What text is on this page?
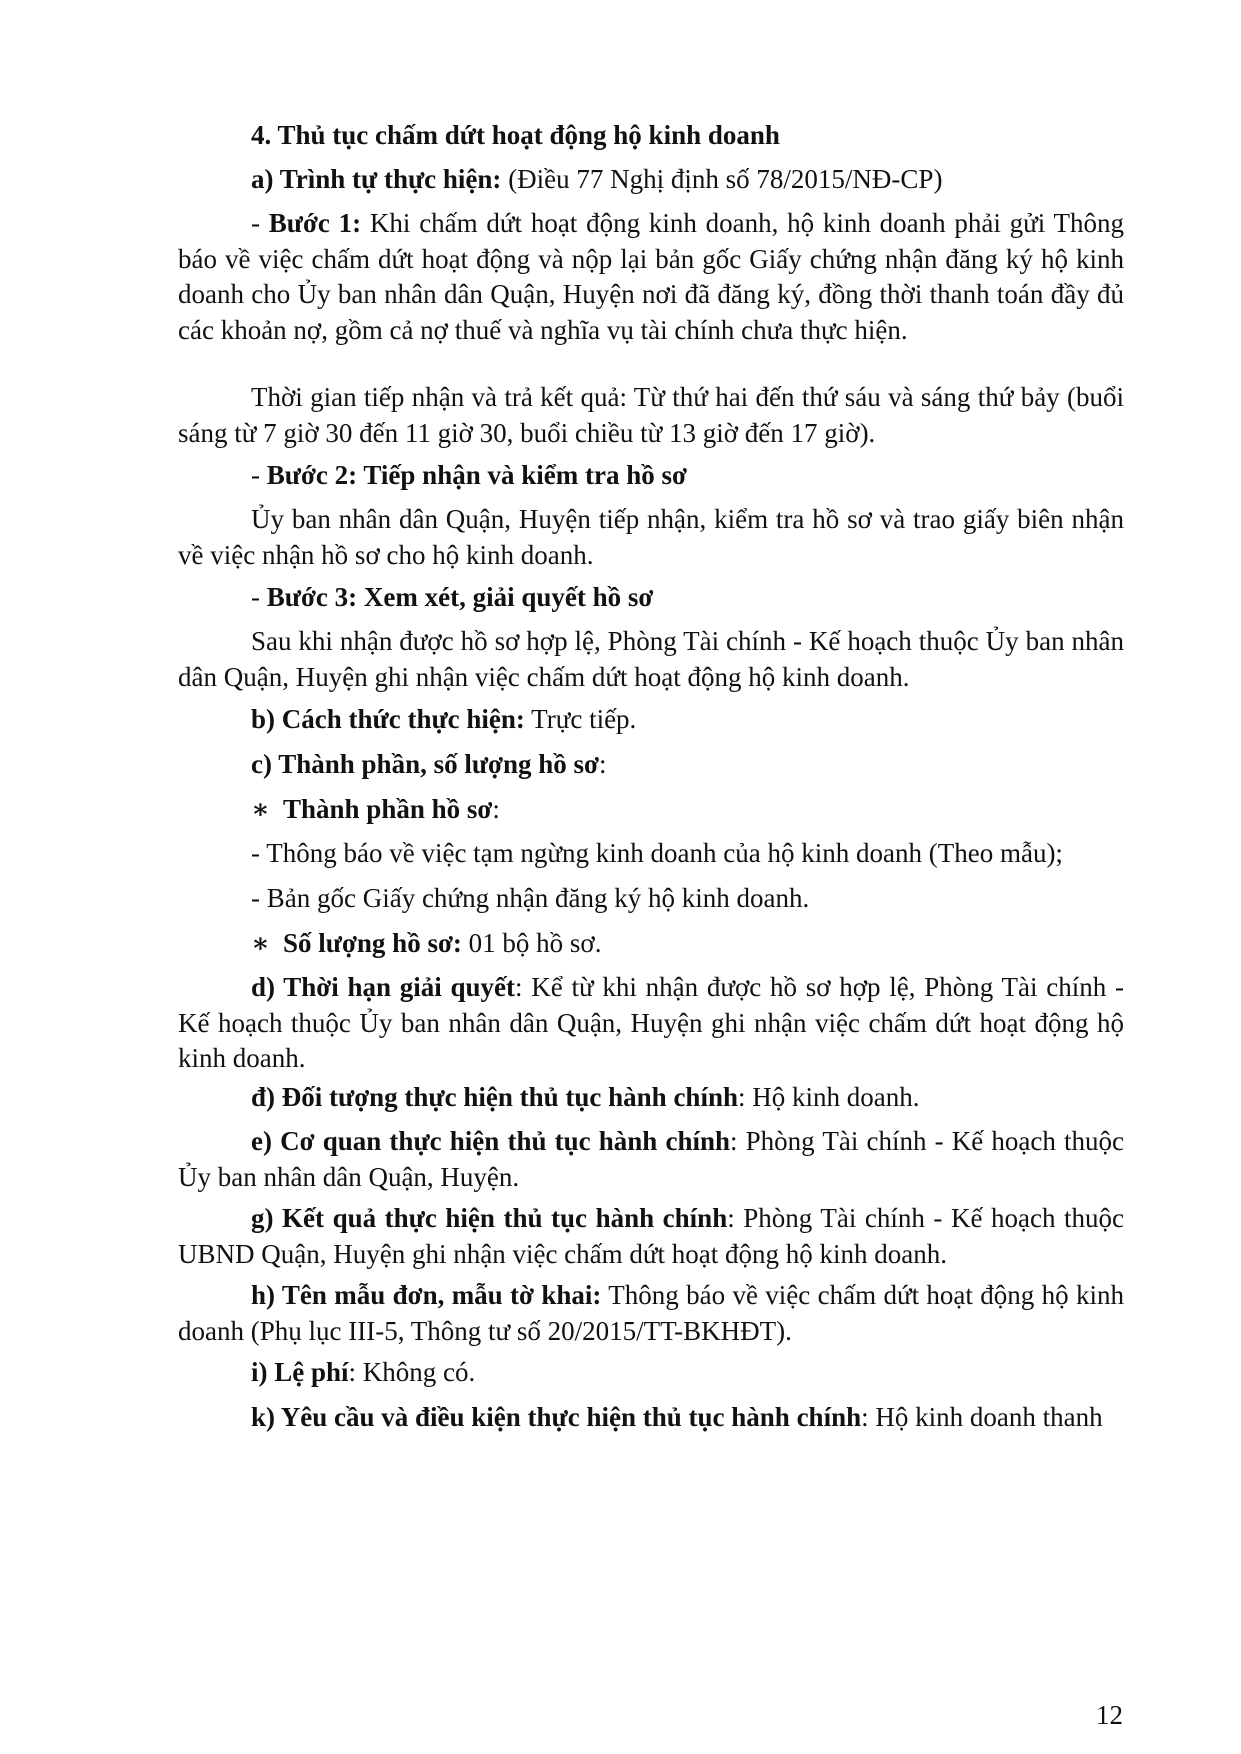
4. Thủ tục chấm dứt hoạt động hộ kinh doanh

a) Trình tự thực hiện: (Điều 77 Nghị định số 78/2015/NĐ-CP)

- Bước 1: Khi chấm dứt hoạt động kinh doanh, hộ kinh doanh phải gửi Thông báo về việc chấm dứt hoạt động và nộp lại bản gốc Giấy chứng nhận đăng ký hộ kinh doanh cho Ủy ban nhân dân Quận, Huyện nơi đã đăng ký, đồng thời thanh toán đầy đủ các khoản nợ, gồm cả nợ thuế và nghĩa vụ tài chính chưa thực hiện.

Thời gian tiếp nhận và trả kết quả: Từ thứ hai đến thứ sáu và sáng thứ bảy (buổi sáng từ 7 giờ 30 đến 11 giờ 30, buổi chiều từ 13 giờ đến 17 giờ).

- Bước 2: Tiếp nhận và kiểm tra hồ sơ

Ủy ban nhân dân Quận, Huyện tiếp nhận, kiểm tra hồ sơ và trao giấy biên nhận về việc nhận hồ sơ cho hộ kinh doanh.

- Bước 3: Xem xét, giải quyết hồ sơ

Sau khi nhận được hồ sơ hợp lệ, Phòng Tài chính - Kế hoạch thuộc Ủy ban nhân dân Quận, Huyện ghi nhận việc chấm dứt hoạt động hộ kinh doanh.

b) Cách thức thực hiện: Trực tiếp.

c) Thành phần, số lượng hồ sơ:

∗ Thành phần hồ sơ:

- Thông báo về việc tạm ngừng kinh doanh của hộ kinh doanh (Theo mẫu);

- Bản gốc Giấy chứng nhận đăng ký hộ kinh doanh.

∗ Số lượng hồ sơ: 01 bộ hồ sơ.

d) Thời hạn giải quyết: Kể từ khi nhận được hồ sơ hợp lệ, Phòng Tài chính - Kế hoạch thuộc Ủy ban nhân dân Quận, Huyện ghi nhận việc chấm dứt hoạt động hộ kinh doanh.

đ) Đối tượng thực hiện thủ tục hành chính: Hộ kinh doanh.

e) Cơ quan thực hiện thủ tục hành chính: Phòng Tài chính - Kế hoạch thuộc Ủy ban nhân dân Quận, Huyện.

g) Kết quả thực hiện thủ tục hành chính: Phòng Tài chính - Kế hoạch thuộc UBND Quận, Huyện ghi nhận việc chấm dứt hoạt động hộ kinh doanh.

h) Tên mẫu đơn, mẫu tờ khai: Thông báo về việc chấm dứt hoạt động hộ kinh doanh (Phụ lục III-5, Thông tư số 20/2015/TT-BKHĐT).

i) Lệ phí: Không có.

k) Yêu cầu và điều kiện thực hiện thủ tục hành chính: Hộ kinh doanh thanh

12
